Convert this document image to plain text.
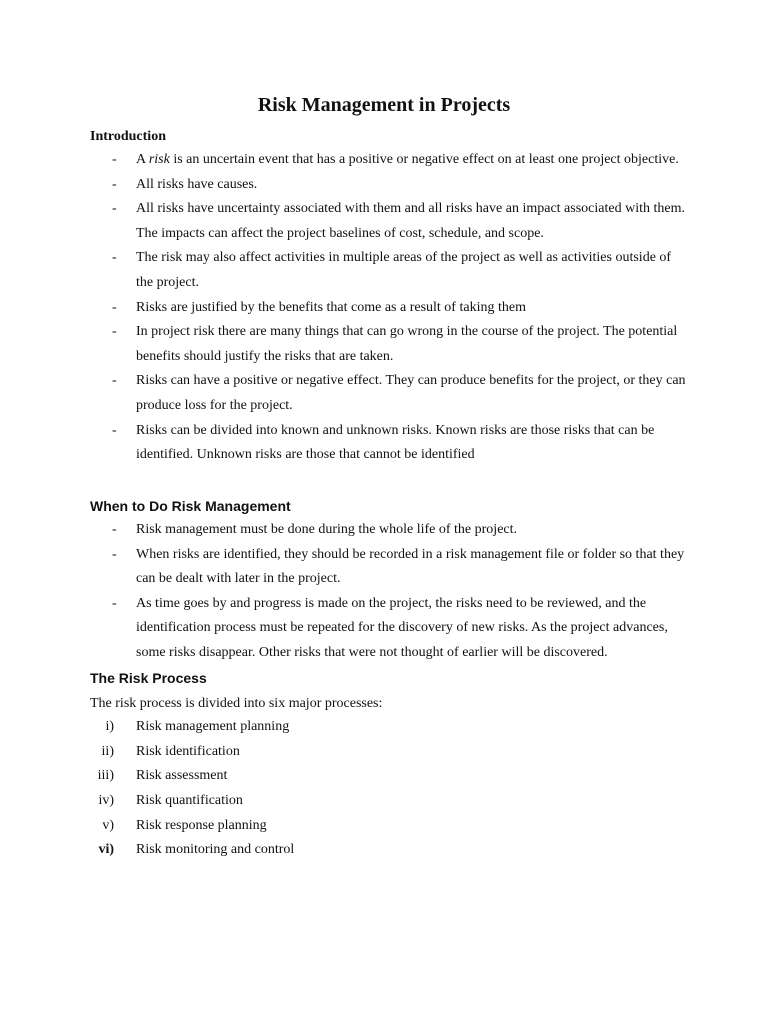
Risk Management in Projects
Introduction
- A risk is an uncertain event that has a positive or negative effect on at least one project objective.
- All risks have causes.
- All risks have uncertainty associated with them and all risks have an impact associated with them. The impacts can affect the project baselines of cost, schedule, and scope.
- The risk may also affect activities in multiple areas of the project as well as activities outside of the project.
- Risks are justified by the benefits that come as a result of taking them
- In project risk there are many things that can go wrong in the course of the project. The potential benefits should justify the risks that are taken.
- Risks can have a positive or negative effect. They can produce benefits for the project, or they can produce loss for the project.
- Risks can be divided into known and unknown risks. Known risks are those risks that can be identified. Unknown risks are those that cannot be identified
When to Do Risk Management
- Risk management must be done during the whole life of the project.
- When risks are identified, they should be recorded in a risk management file or folder so that they can be dealt with later in the project.
- As time goes by and progress is made on the project, the risks need to be reviewed, and the identification process must be repeated for the discovery of new risks. As the project advances, some risks disappear. Other risks that were not thought of earlier will be discovered.
The Risk Process

The risk process is divided into six major processes:

i) Risk management planning
ii) Risk identification
iii) Risk assessment
iv) Risk quantification
v) Risk response planning
vi) Risk monitoring and control
